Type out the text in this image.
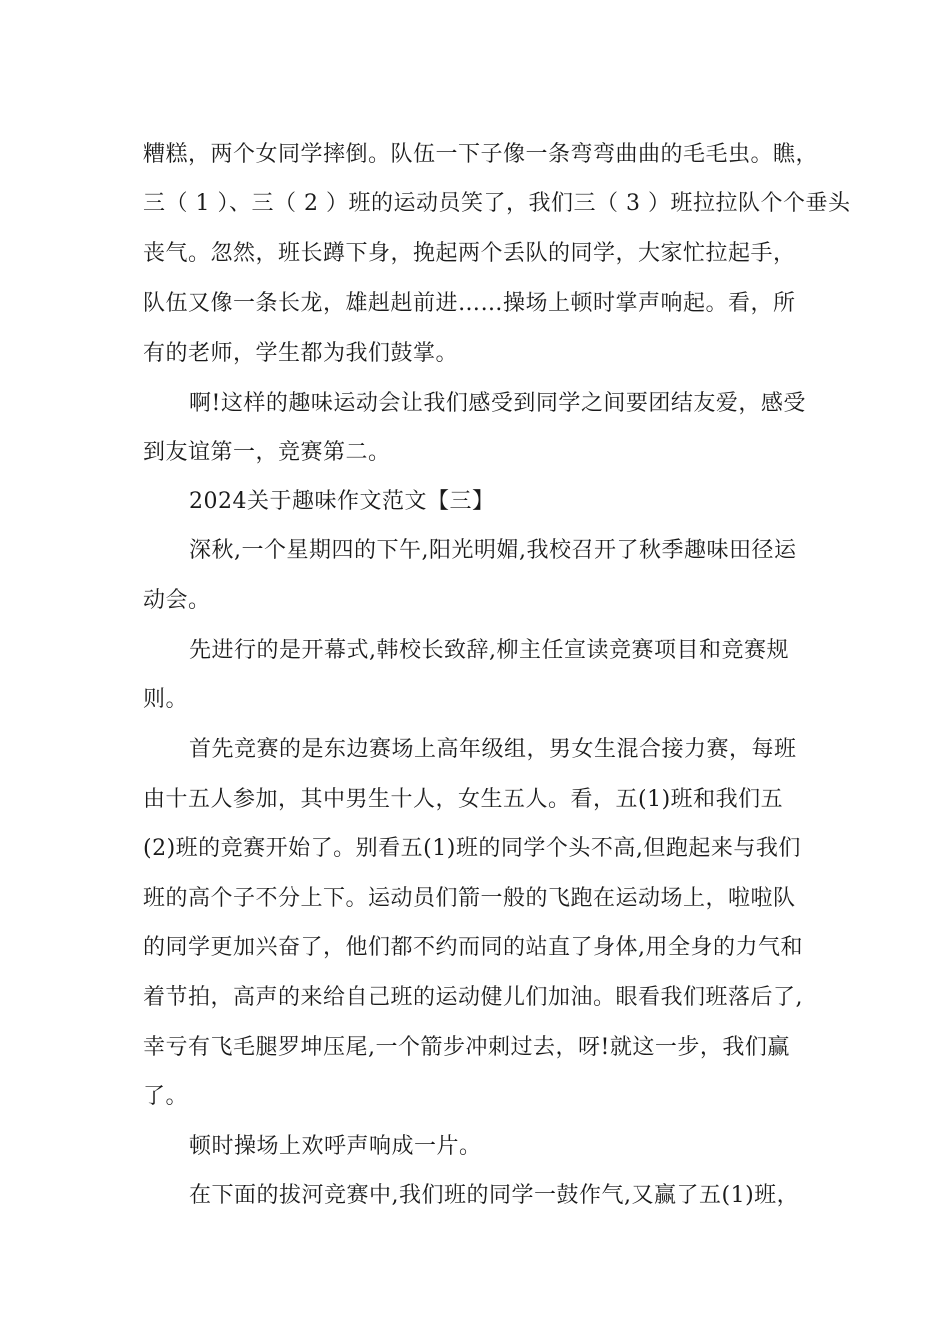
糟糕，两个女同学摔倒。队伍一下子像一条弯弯曲曲的毛毛虫。瞧，
三（ 1 ）、三（ 2 ）班的运动员笑了，我们三（ 3 ）班拉拉队个个垂头
丧气。忽然，班长蹲下身，挽起两个丢队的同学，大家忙拉起手，
队伍又像一条长龙，雄赳赳前进……操场上顿时掌声响起。看，所
有的老师，学生都为我们鼓掌。
啊!这样的趣味运动会让我们感受到同学之间要团结友爱，感受
到友谊第一，竞赛第二。
2024关于趣味作文范文【三】
深秋,一个星期四的下午,阳光明媚,我校召开了秋季趣味田径运
动会。
先进行的是开幕式,韩校长致辞,柳主任宣读竞赛项目和竞赛规
则。
首先竞赛的是东边赛场上高年级组，男女生混合接力赛，每班
由十五人参加，其中男生十人，女生五人。看，五(1)班和我们五
(2)班的竞赛开始了。别看五(1)班的同学个头不高,但跑起来与我们
班的高个子不分上下。运动员们箭一般的飞跑在运动场上，啦啦队
的同学更加兴奋了，他们都不约而同的站直了身体,用全身的力气和
着节拍，高声的来给自己班的运动健儿们加油。眼看我们班落后了,
幸亏有飞毛腿罗坤压尾,一个箭步冲刺过去，呀!就这一步，我们赢
了。
顿时操场上欢呼声响成一片。
在下面的拔河竞赛中,我们班的同学一鼓作气,又赢了五(1)班，
